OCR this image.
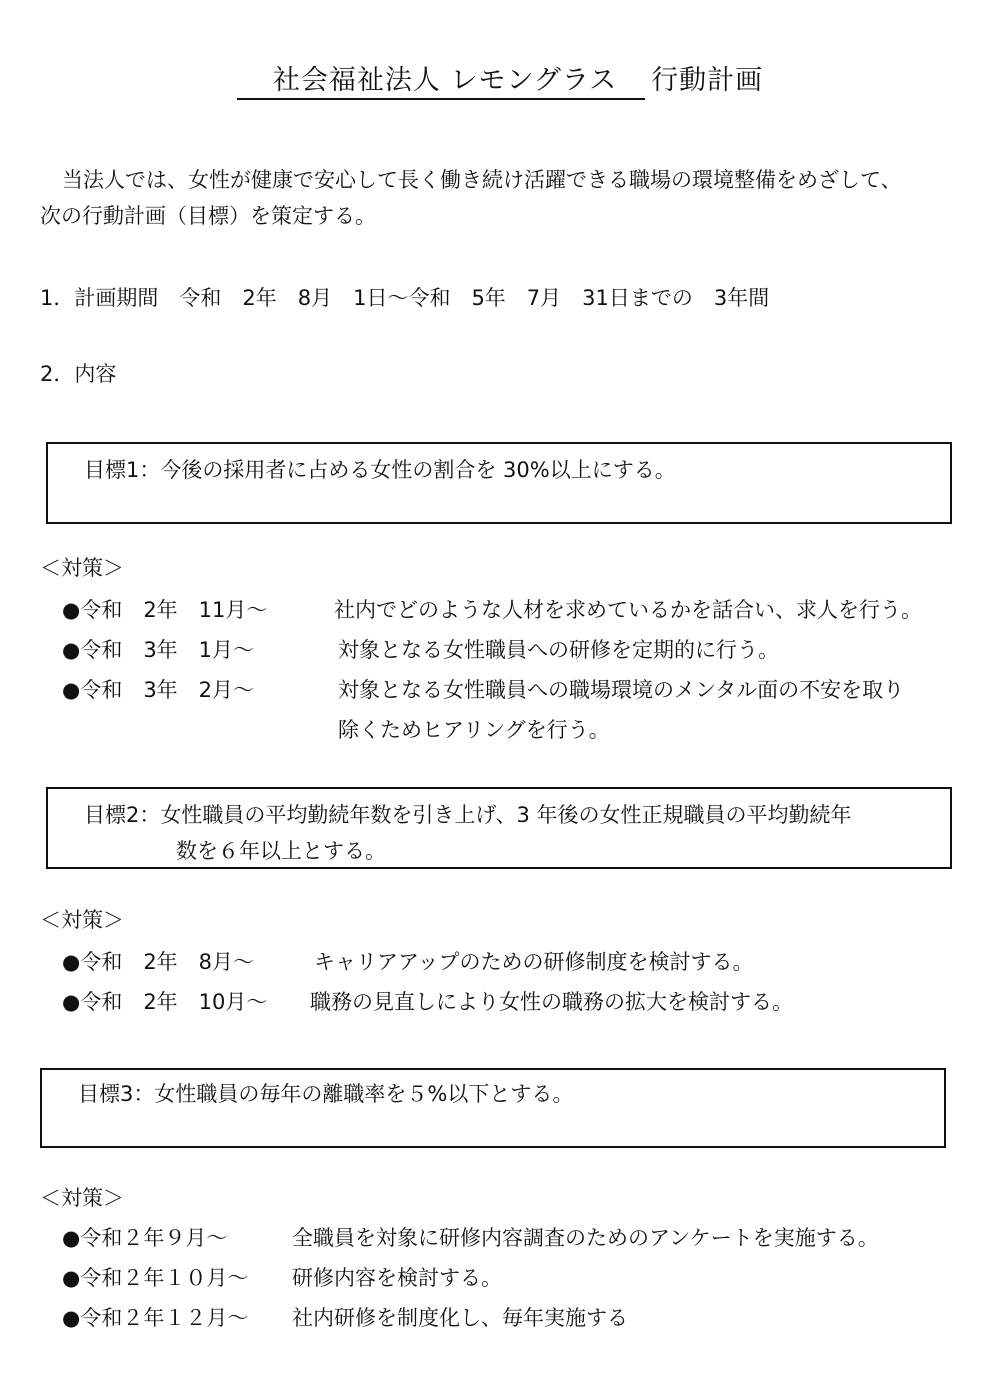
社会福祉法人 レモングラス 行動計画
当法人では、女性が健康で安心して長く働き続け活躍できる職場の環境整備をめざして、
次の行動計画（目標）を策定する。
1．計画期間　令和　2年　8月　1日～令和　5年　7月　31日までの　3年間
2．内容
目標1：今後の採用者に占める女性の割合を 30%以上にする。
＜対策＞
●令和　2年　11月～	社内でどのような人材を求めているかを話合い、求人を行う。
●令和　3年　1月～	対象となる女性職員への研修を定期的に行う。
●令和　3年　2月～	対象となる女性職員への職場環境のメンタル面の不安を取り
除くためヒアリングを行う。
目標2：女性職員の平均勤続年数を引き上げ、3 年後の女性正規職員の平均勤続年
数を６年以上とする。
＜対策＞
●令和　2年　8月～	キャリアアップのための研修制度を検討する。
●令和　2年　10月～ 職務の見直しにより女性の職務の拡大を検討する。
目標3：女性職員の毎年の離職率を５%以下とする。
＜対策＞
●令和２年９月～	全職員を対象に研修内容調査のためのアンケートを実施する。
●令和２年１０月～ 研修内容を検討する。
●令和２年１２月～ 社内研修を制度化し、毎年実施する
